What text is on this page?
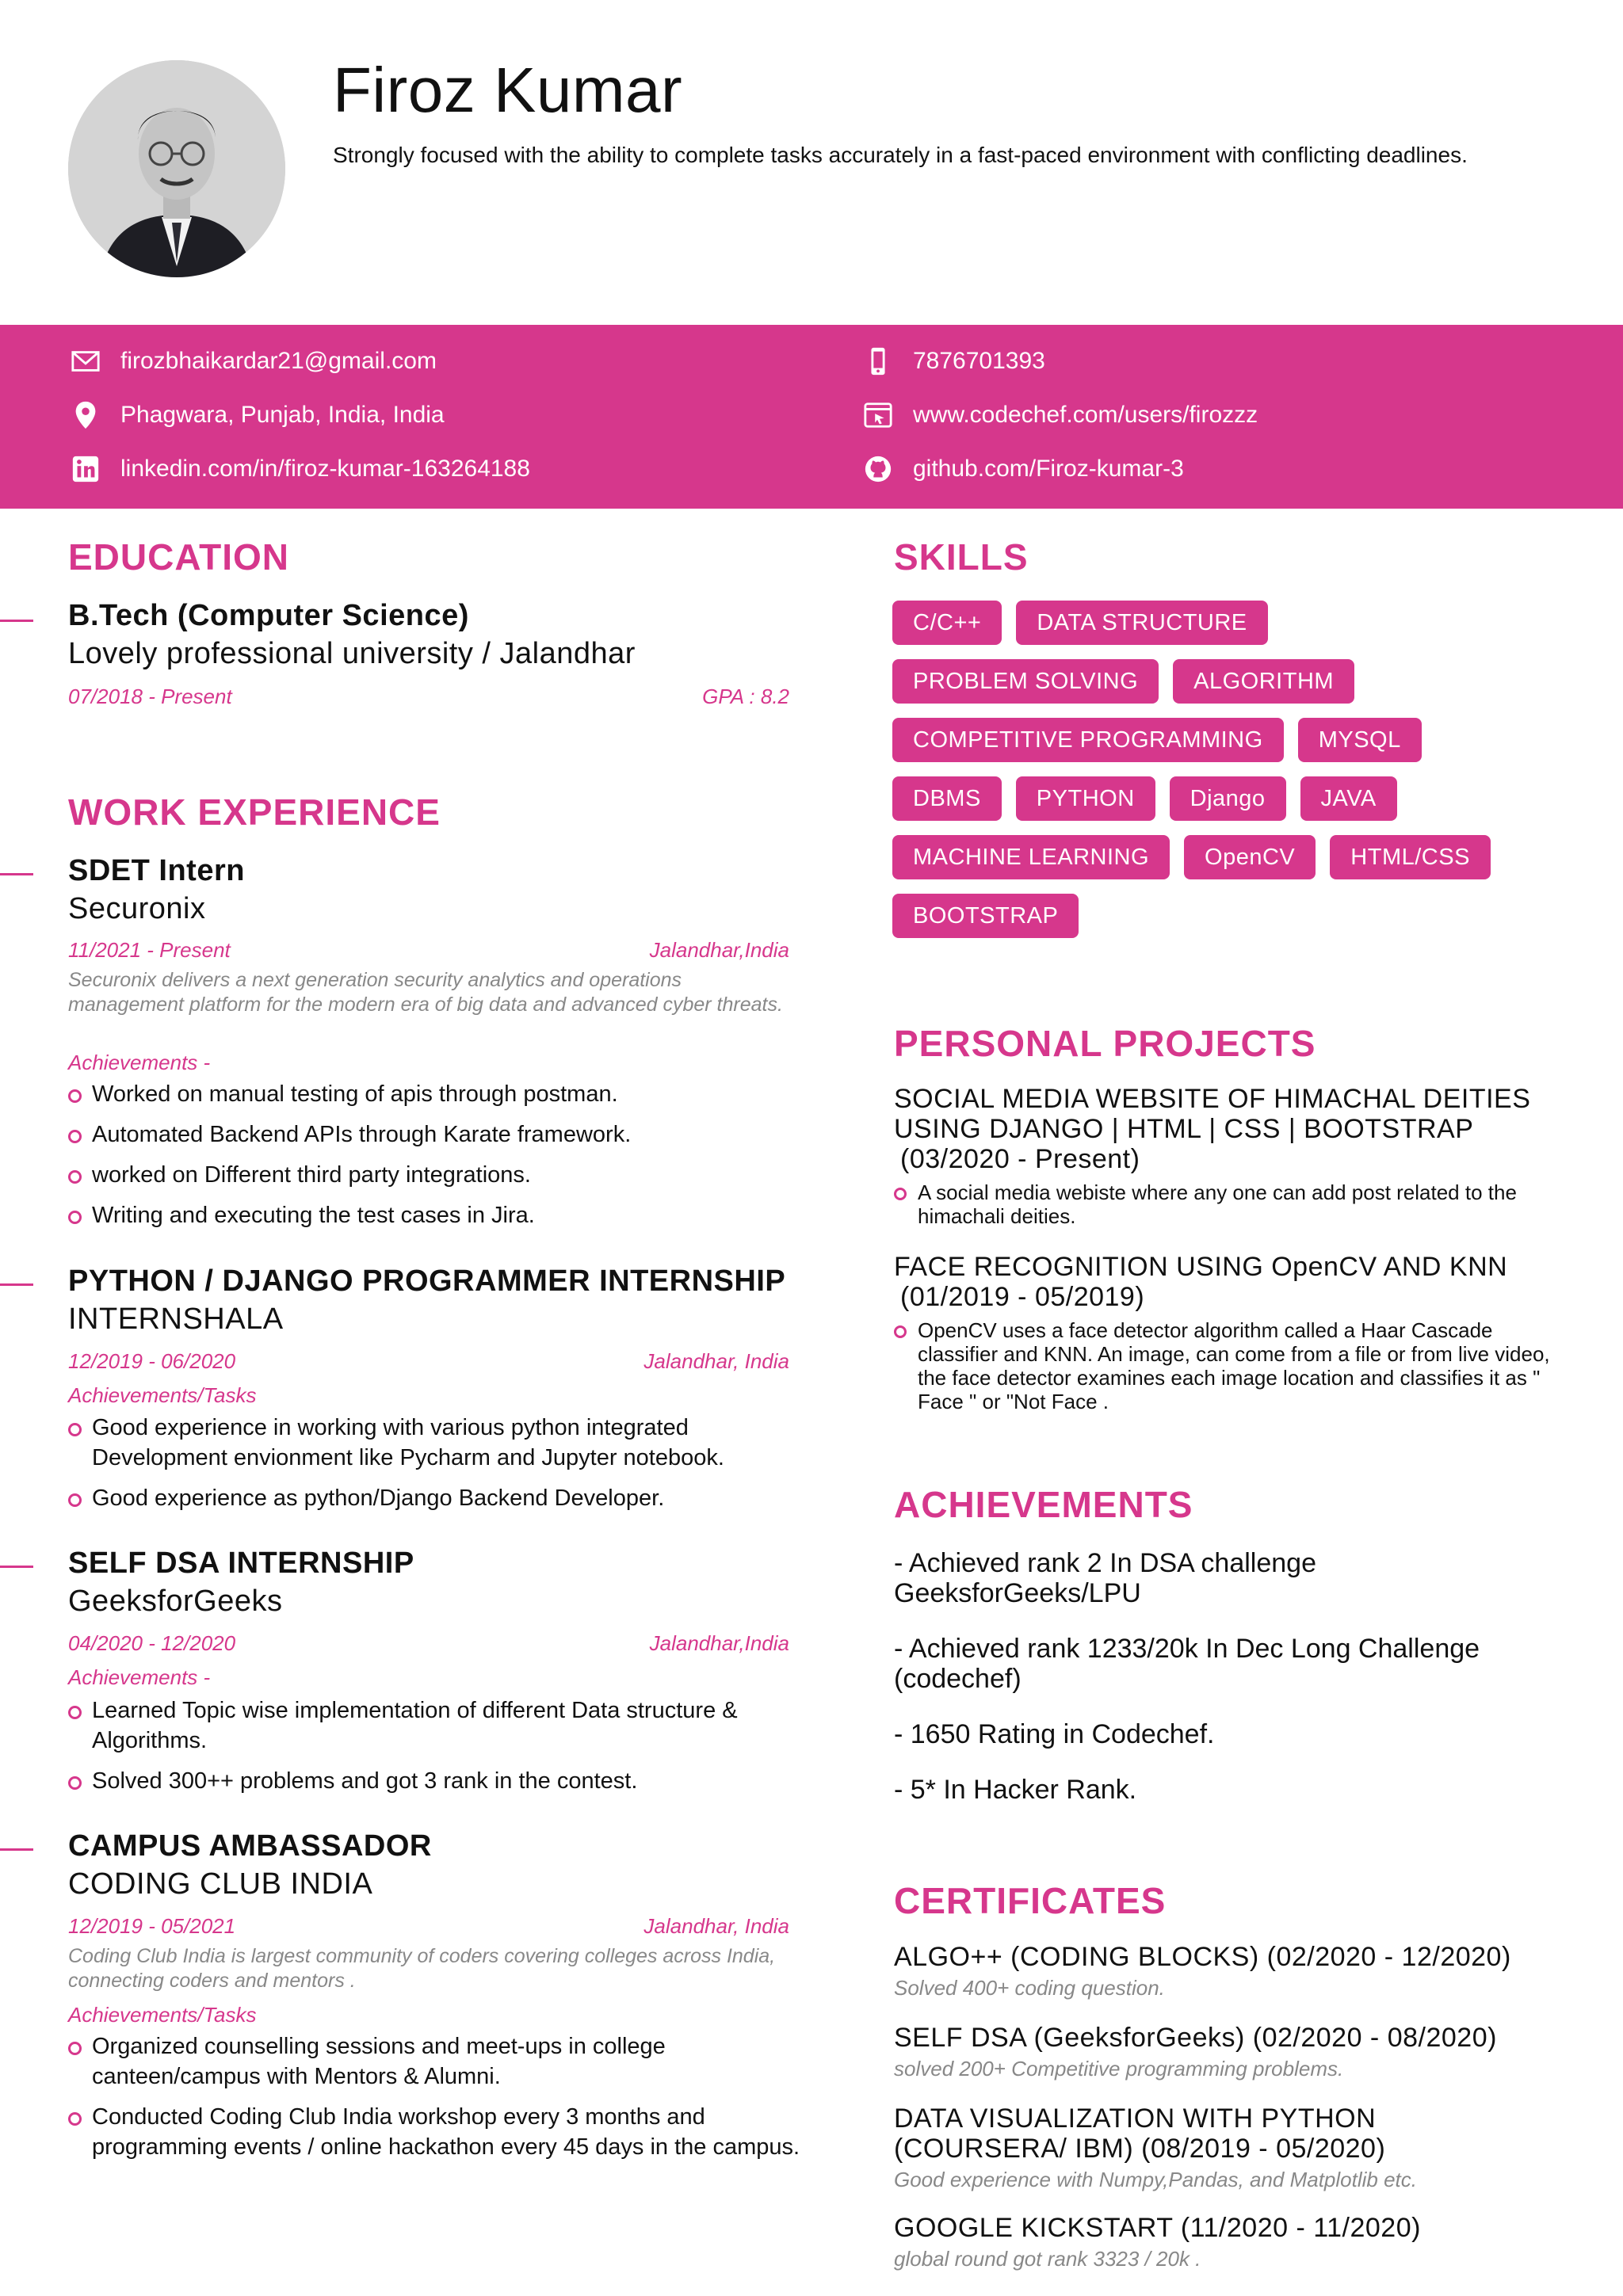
Firoz Kumar
Strongly focused with the ability to complete tasks accurately in a fast-paced environment with conflicting deadlines.
firozbhaikardar21@gmail.com	7876701393
Phagwara, Punjab, India, India	www.codechef.com/users/firozzz
linkedin.com/in/firoz-kumar-163264188	github.com/Firoz-kumar-3
EDUCATION
B.Tech (Computer Science)
Lovely professional university / Jalandhar
07/2018 - Present	GPA : 8.2
WORK EXPERIENCE
SDET Intern
Securonix
11/2021 - Present	Jalandhar,India
Securonix delivers a next generation security analytics and operations management platform for the modern era of big data and advanced cyber threats.
Achievements -
Worked on manual testing of apis through postman.
Automated Backend APIs through Karate framework.
worked on Different third party integrations.
Writing and executing the test cases in Jira.
PYTHON / DJANGO PROGRAMMER INTERNSHIP
INTERNSHALA
12/2019 - 06/2020	Jalandhar, India
Achievements/Tasks
Good experience in working with various python integrated Development envionment like Pycharm and Jupyter notebook.
Good experience as python/Django Backend Developer.
SELF DSA INTERNSHIP
GeeksforGeeks
04/2020 - 12/2020	Jalandhar,India
Achievements -
Learned Topic wise implementation of different Data structure & Algorithms.
Solved 300++ problems and got 3 rank in the contest.
CAMPUS AMBASSADOR
CODING CLUB INDIA
12/2019 - 05/2021	Jalandhar, India
Coding Club India is largest community of coders covering colleges across India, connecting coders and mentors .
Achievements/Tasks
Organized counselling sessions and meet-ups in college canteen/campus with Mentors & Alumni.
Conducted Coding Club India workshop every 3 months and programming events / online hackathon every 45 days in the campus.
SKILLS
C/C++	DATA STRUCTURE
PROBLEM SOLVING	ALGORITHM
COMPETITIVE PROGRAMMING	MYSQL
DBMS	PYTHON	Django	JAVA
MACHINE LEARNING	OpenCV	HTML/CSS
BOOTSTRAP
PERSONAL PROJECTS
SOCIAL MEDIA WEBSITE OF HIMACHAL DEITIES USING DJANGO | HTML | CSS | BOOTSTRAP
(03/2020 - Present)
A social media webiste where any one can add post related to the himachali deities.
FACE RECOGNITION USING OpenCV AND KNN
(01/2019 - 05/2019)
OpenCV uses a face detector algorithm called a Haar Cascade classifier and KNN. An image, can come from a file or from live video, the face detector examines each image location and classifies it as " Face " or "Not Face .
ACHIEVEMENTS
- Achieved rank 2 In DSA challenge GeeksforGeeks/LPU
- Achieved rank 1233/20k In Dec Long Challenge (codechef)
- 1650 Rating in Codechef.
- 5* In Hacker Rank.
CERTIFICATES
ALGO++ (CODING BLOCKS) (02/2020 - 12/2020)
Solved 400+ coding question.
SELF DSA (GeeksforGeeks) (02/2020 - 08/2020)
solved 200+ Competitive programming problems.
DATA VISUALIZATION WITH PYTHON (COURSERA/ IBM) (08/2019 - 05/2020)
Good experience with Numpy,Pandas, and Matplotlib etc.
GOOGLE KICKSTART (11/2020 - 11/2020)
global round got rank 3323 / 20k .
